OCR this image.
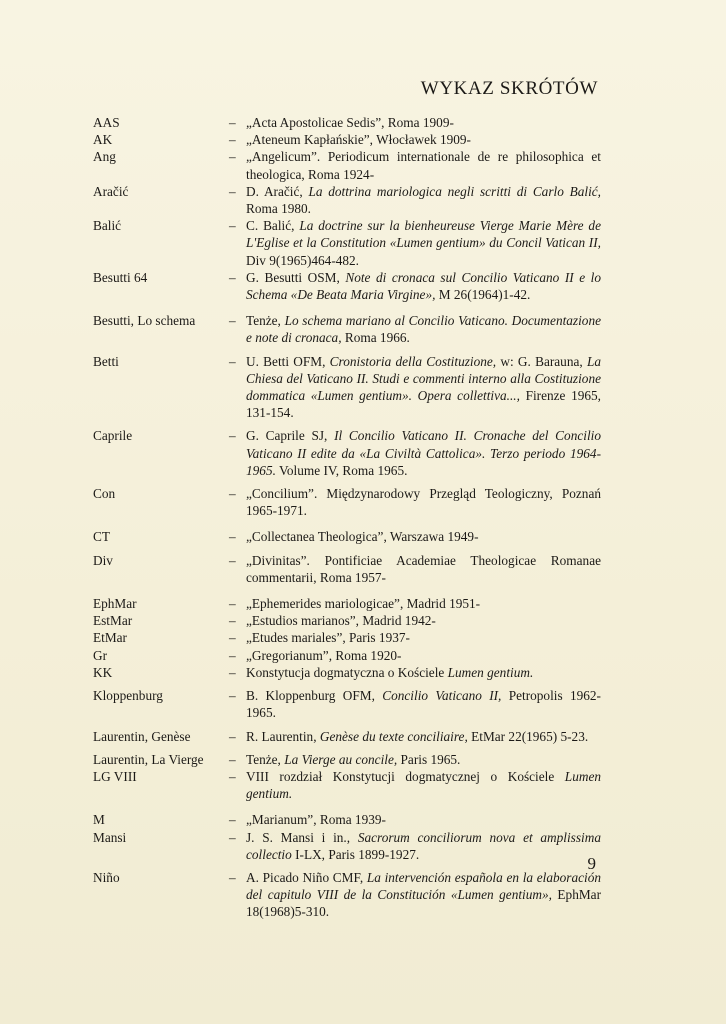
WYKAZ SKRÓTÓW
AAS	– „Acta Apostolicae Sedis”, Roma 1909-
AK	– „Ateneum Kapłańskie”, Włocławek 1909-
Ang	– „Angelicum”. Periodicum internationale de re philosophica et theologica, Roma 1924-
Aračić	– D. Aračić, La dottrina mariologica negli scritti di Carlo Balić, Roma 1980.
Balić	– C. Balić, La doctrine sur la bienheureuse Vierge Marie Mère de L'Eglise et la Constitution «Lumen gentium» du Concil Vatican II, Div 9(1965)464-482.
Besutti 64	– G. Besutti OSM, Note di cronaca sul Concilio Vaticano II e lo Schema «De Beata Maria Virgine», M 26(1964)1-42.
Besutti, Lo schema	– Tenże, Lo schema mariano al Concilio Vaticano. Documentazione e note di cronaca, Roma 1966.
Betti	– U. Betti OFM, Cronistoria della Costituzione, w: G. Barauna, La Chiesa del Vaticano II. Studi e commenti interno alla Costituzione dommatica «Lumen gentium». Opera collettiva..., Firenze 1965, 131-154.
Caprile	– G. Caprile SJ, Il Concilio Vaticano II. Cronache del Concilio Vaticano II edite da «La Civiltà Cattolica». Terzo periodo 1964-1965. Volume IV, Roma 1965.
Con	– „Concilium”. Międzynarodowy Przegląd Teologiczny, Poznań 1965-1971.
CT	– „Collectanea Theologica”, Warszawa 1949-
Div	– „Divinitas”. Pontificiae Academiae Theologicae Romanae commentarii, Roma 1957-
EphMar	– „Ephemerides mariologicae”, Madrid 1951-
EstMar	– „Estudios marianos”, Madrid 1942-
EtMar	– „Etudes mariales”, Paris 1937-
Gr	– „Gregorianum”, Roma 1920-
KK	– Konstytucja dogmatyczna o Kościele Lumen gentium.
Kloppenburg	– B. Kloppenburg OFM, Concilio Vaticano II, Petropolis 1962-1965.
Laurentin, Genèse	– R. Laurentin, Genèse du texte conciliaire, EtMar 22(1965) 5-23.
Laurentin, La Vierge	– Tenże, La Vierge au concile, Paris 1965.
LG VIII	– VIII rozdział Konstytucji dogmatycznej o Kościele Lumen gentium.
M	– „Marianum”, Roma 1939-
Mansi	– J. S. Mansi i in., Sacrorum conciliorum nova et amplissima collectio I-LX, Paris 1899-1927.
Niño	– A. Picado Niño CMF, La intervención española en la elaboración del capitulo VIII de la Constitución «Lumen gentium», EphMar 18(1968)5-310.
9
